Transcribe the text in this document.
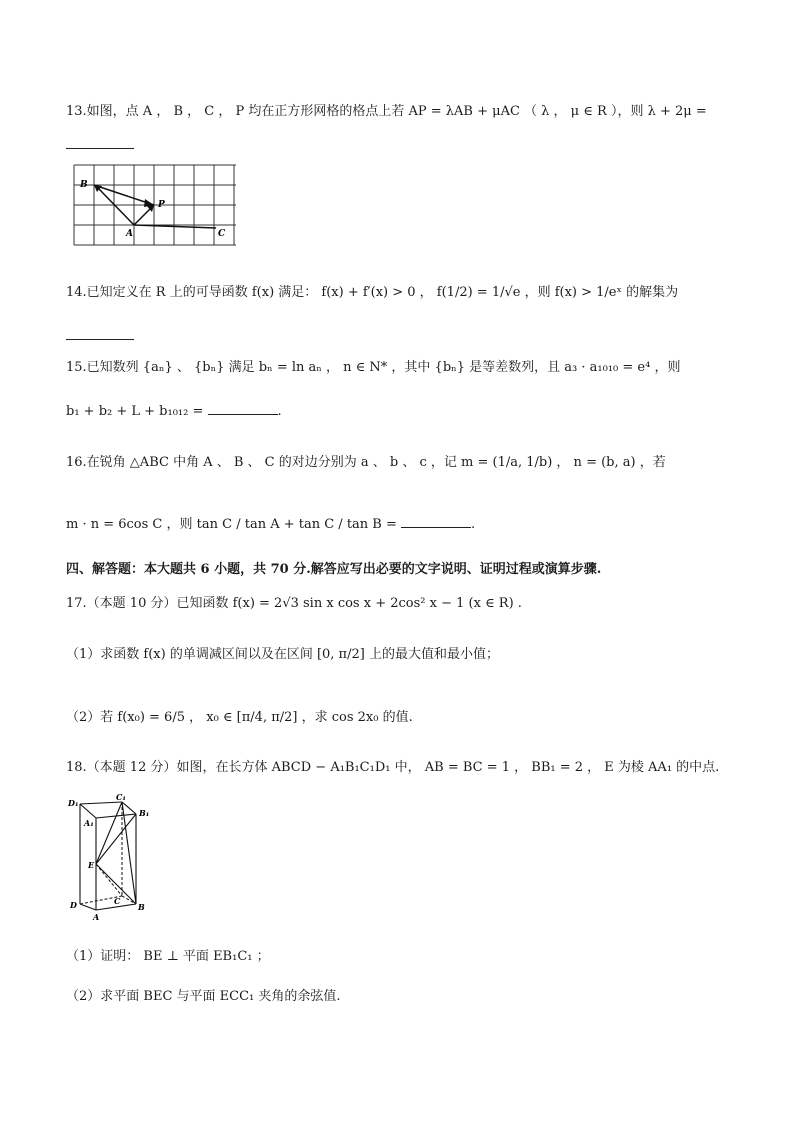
13.如图，点 A ， B ， C ， P 均在正方形网格的格点上若 AP = λAB + μAC （ λ ， μ ∈ R ），则 λ + 2μ =
B
P
A	C
14.已知定义在 R 上的可导函数 f(x) 满足： f(x) + f′(x) > 0 ， f(1/2) = 1/√e ，则 f(x) > 1/eˣ 的解集为
15.已知数列 {aₙ} 、 {bₙ} 满足 bₙ = ln aₙ ， n ∈ N* ，其中 {bₙ} 是等差数列，且 a₃ · a₁₀₁₀ = e⁴ ，则
b₁ + b₂ + L + b₁₀₁₂ =	.
16.在锐角 △ABC 中角 A 、 B 、 C 的对边分别为 a 、 b 、 c ，记 m = (1/a, 1/b) ， n = (b, a) ，若
m · n = 6cos C ，则 tan C / tan A + tan C / tan B =	.
四、解答题：本大题共 6 小题，共 70 分.解答应写出必要的文字说明、证明过程或演算步骤.
17.（本题 10 分）已知函数 f(x) = 2√3 sin x cos x + 2cos² x − 1 (x ∈ R) .
（1）求函数 f(x) 的单调减区间以及在区间 [0, π/2] 上的最大值和最小值；
（2）若 f(x₀) = 6/5 ， x₀ ∈ [π/4, π/2] ，求 cos 2x₀ 的值.
18.（本题 12 分）如图，在长方体 ABCD − A₁B₁C₁D₁ 中， AB = BC = 1 ， BB₁ = 2 ， E 为棱 AA₁ 的中点.
D₁
C₁
B₁
A₁
E
D	C
A
B
（1）证明： BE ⊥ 平面 EB₁C₁ ；
（2）求平面 BEC 与平面 ECC₁ 夹角的余弦值.
